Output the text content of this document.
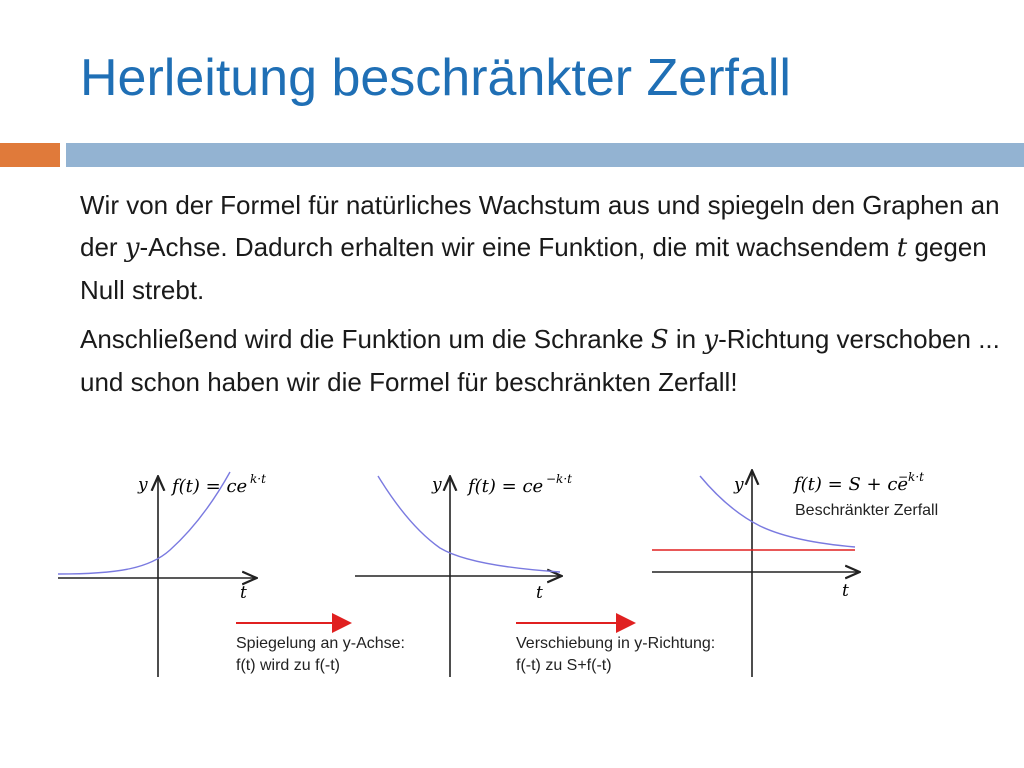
Herleitung beschränkter Zerfall

Wir von der Formel für natürliches Wachstum aus und spiegeln den Graphen an der y-Achse. Dadurch erhalten wir eine Funktion, die mit wachsendem t gegen Null strebt.

Anschließend wird die Funktion um die Schranke S in y-Richtung verschoben ... und schon haben wir die Formel für beschränkten Zerfall!

y
t
f(t) = ce k·t	y
t
f(t) = ce −k·t	y
t
f(t) = S + ce
−k·t
Beschränkter Zerfall
Spiegelung an y-Achse:
f(t) wird zu f(-t)
Verschiebung in y-Richtung:
f(-t) zu S+f(-t)
